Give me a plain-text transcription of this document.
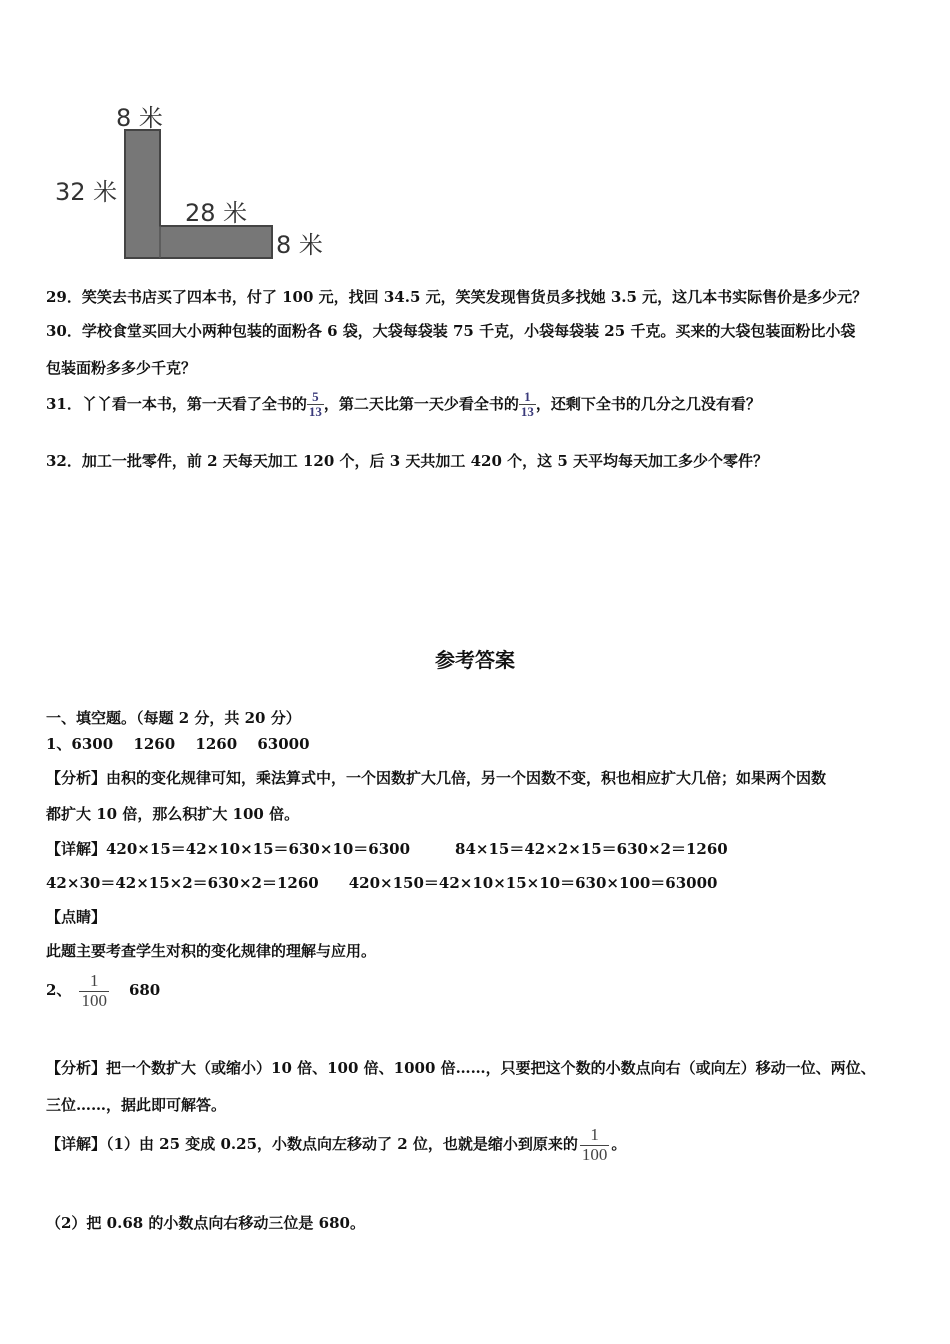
8 米
32 米
28 米
8 米
29．笑笑去书店买了四本书，付了 100 元，找回 34.5 元，笑笑发现售货员多找她 3.5 元，这几本书实际售价是多少元？
30．学校食堂买回大小两种包装的面粉各 6 袋，大袋每袋装 75 千克，小袋每袋装 25 千克。买来的大袋包装面粉比小袋
包装面粉多多少千克？
31．丫丫看一本书，第一天看了全书的 $\frac{5}{13}$ ，第二天比第一天少看全书的 $\frac{1}{13}$ ，还剩下全书的几分之几没有看？
32．加工一批零件，前 2 天每天加工 120 个，后 3 天共加工 420 个，这 5 天平均每天加工多少个零件？
参考答案
一、填空题。（每题 2 分，共 20 分）
1、6300　 1260　 1260　 63000
【分析】由积的变化规律可知，乘法算式中，一个因数扩大几倍，另一个因数不变，积也相应扩大几倍；如果两个因数
都扩大 10 倍，那么积扩大 100 倍。
【详解】420×15＝42×10×15＝630×10＝6300　　　84×15＝42×2×15＝630×2＝1260
42×30＝42×15×2＝630×2＝1260　　420×150＝42×10×15×10＝630×100＝63000
【点睛】
此题主要考查学生对积的变化规律的理解与应用。
2、 $\frac{1}{100} 680$
【分析】把一个数扩大（或缩小）10 倍、100 倍、1000 倍……，只要把这个数的小数点向右（或向左）移动一位、两位、
三位……，据此即可解答。
【详解】（1）由 25 变成 0.25，小数点向左移动了 2 位，也就是缩小到原来的 $\frac{1}{100}$ 。
（2）把 0.68 的小数点向右移动三位是 680。
